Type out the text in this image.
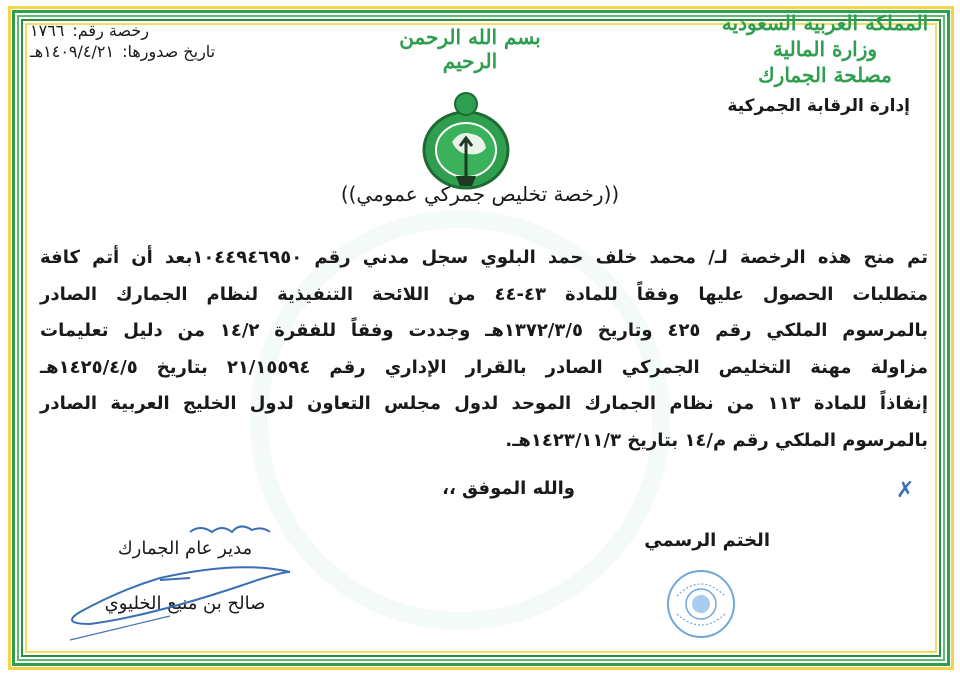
رخصة رقم:
١٧٦٦
تاريخ صدورها:
١٤٠٩/٤/٢١هـ
المملكة العربية السعودية
وزارة المالية
مصلحة الجمارك
إدارة الرقابة الجمركية
بسم الله الرحمن الرحيم
((رخصة تخليص جمركي عمومي))
تم منح هذه الرخصة لـ/ محمد خلف حمد البلوي سجل مدني رقم ١٠٤٤٩٤٦٩٥٠بعد أن أتم كافة
متطلبات الحصول عليها وفقاً للمادة ٤٣-٤٤ من اللائحة التنفيذية لنظام الجمارك الصادر
بالمرسوم الملكي رقم ٤٢٥ وتاريخ ١٣٧٢/٣/٥هـ وجددت وفقاً للفقرة ١٤/٢ من دليل تعليمات
مزاولة مهنة التخليص الجمركي الصادر بالقرار الإداري رقم ٢١/١٥٥٩٤ بتاريخ ١٤٢٥/٤/٥هـ
إنفاذاً للمادة ١١٣ من نظام الجمارك الموحد لدول مجلس التعاون لدول الخليج العربية الصادر
بالمرسوم الملكي رقم م/١٤ بتاريخ ١٤٢٣/١١/٣هـ.
✗
والله الموفق ،،
مدير عام الجمارك
صالح بن منيع الخليوي
الختم الرسمي
